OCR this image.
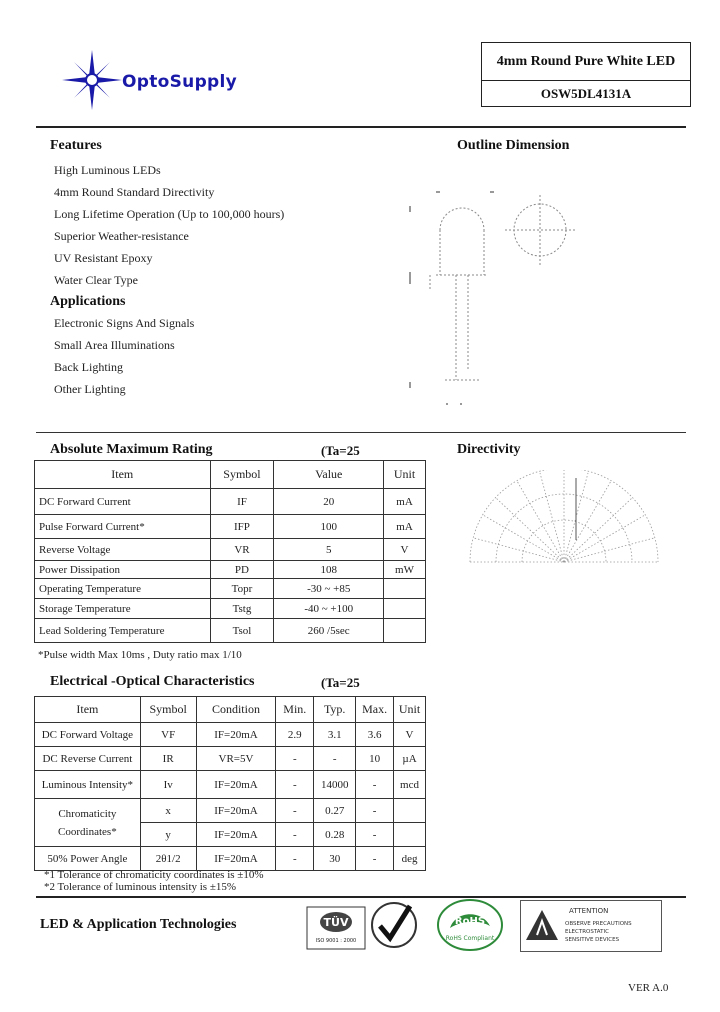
OptoSupply
4mm Round Pure White LED
OSW5DL4131A
Features
High Luminous LEDs
4mm Round Standard Directivity
Long Lifetime Operation (Up to 100,000 hours)
Superior Weather-resistance
UV Resistant Epoxy
Water Clear Type
Applications
Electronic Signs And Signals
Small Area Illuminations
Back Lighting
Other Lighting
Outline Dimension
Absolute Maximum Rating	(Ta=25
Item	Symbol	Value	Unit
DC Forward Current	IF	20	mA
Pulse Forward Current*	IFP	100	mA
Reverse Voltage	VR	5	V
Power Dissipation	PD	108	mW
Operating Temperature	Topr	-30 ~ +85	
Storage Temperature	Tstg	-40 ~ +100	
Lead Soldering Temperature	Tsol	260 /5sec	
*Pulse width Max 10ms , Duty ratio max 1/10
Directivity
Electrical -Optical Characteristics	(Ta=25
Item	Symbol	Condition	Min.	Typ.	Max.	Unit
DC Forward Voltage	VF	IF=20mA	2.9	3.1	3.6	V
DC Reverse Current	IR	VR=5V	-	-	10	µA
Luminous Intensity*	Iv	IF=20mA	-	14000	-	mcd
Chromaticity Coordinates*	x	IF=20mA	-	0.27	-	
	y	IF=20mA	-	0.28	-	
50% Power Angle	2θ1/2	IF=20mA	-	30	-	deg
*1 Tolerance of chromaticity coordinates is ±10%
*2 Tolerance of luminous intensity is ±15%
LED & Application Technologies	TÜV
ISO 9001 : 2000
RoHS
RoHS Compliant
ATTENTION
OBSERVE PRECAUTIONS
ELECTROSTATIC
SENSITIVE DEVICES
VER A.0
